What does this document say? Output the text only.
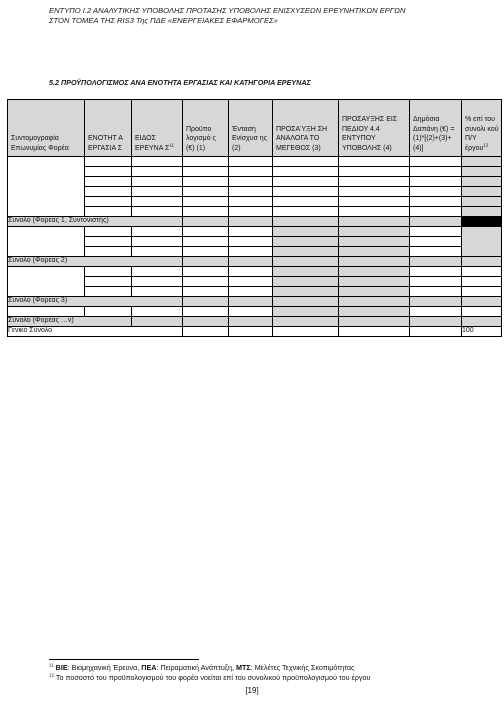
ΕΝΤΥΠΟ Ι.2 ΑΝΑΛΥΤΙΚΗΣ ΥΠΟΒΟΛΗΣ ΠΡΟΤΑΣΗΣ ΥΠΟΒΟΛΗΣ ΕΝΙΣΧΥΣΕΩΝ ΕΡΕΥΝΗΤΙΚΩΝ ΕΡΓΩΝ
ΣΤΟΝ ΤΟΜΕΑ ΤΗΣ RIS3 Της ΠΔΕ «ΕΝΕΡΓΕΙΑΚΕΣ ΕΦΑΡΜΟΓΕΣ»
5.2 ΠΡΟΫΠΟΛΟΓΙΣΜΟΣ ΑΝΑ ΕΝΟΤΗΤΑ ΕΡΓΑΣΙΑΣ ΚΑΙ ΚΑΤΗΓΟΡΙΑ ΕΡΕΥΝΑΣ
Συντομογραφία Επωνυμίας Φορέα	ΕΝΟΤΗΤ Α ΕΡΓΑΣΙΑ Σ	ΕΙΔΟΣ ΕΡΕΥΝΑ $\Sigma^{11}$	Προϋπο λογισμό ς (€) (1)	Ένταση Ενίσχυσ ης (2)	ΠΡΟΣΑΎΞΗ ΣΗ ΑΝΑΛΟΓΑ ΤΟ ΜΕΓΕΘΟΣ (3)	ΠΡΟΣΑΥΞΗΣ ΕΙΣ ΠΕΔΙΟΥ 4.4 ΕΝΤΥΠΟΥ ΥΠΟΒΟΛΗΣ (4)	Δημόσια Δαπάνη (€) =(1)*[(2)+(3)+(4)]	% επί του συνολι κού Π/Υ έργου$^{12}$

Σύνολο (Φορέας 1, Συντονιστής)								

Σύνολο (Φορέας 2)								

Σύνολο (Φορέας 3)								

Σύνολο (Φορέας …ν)								
Γενικό Σύνολο								100
$^{11}$ ΒΙΕ: Βιομηχανική Έρευνα, ΠΕΑ: Πειραματική Ανάπτυξη, ΜΤΣ: Μελέτες Τεχνικής Σκοπιμότητας
$^{12}$ Το ποσοστό του προϋπολογισμού του φορέα νοείται επί του συνολικού προϋπολογισμού του έργου
[19]
